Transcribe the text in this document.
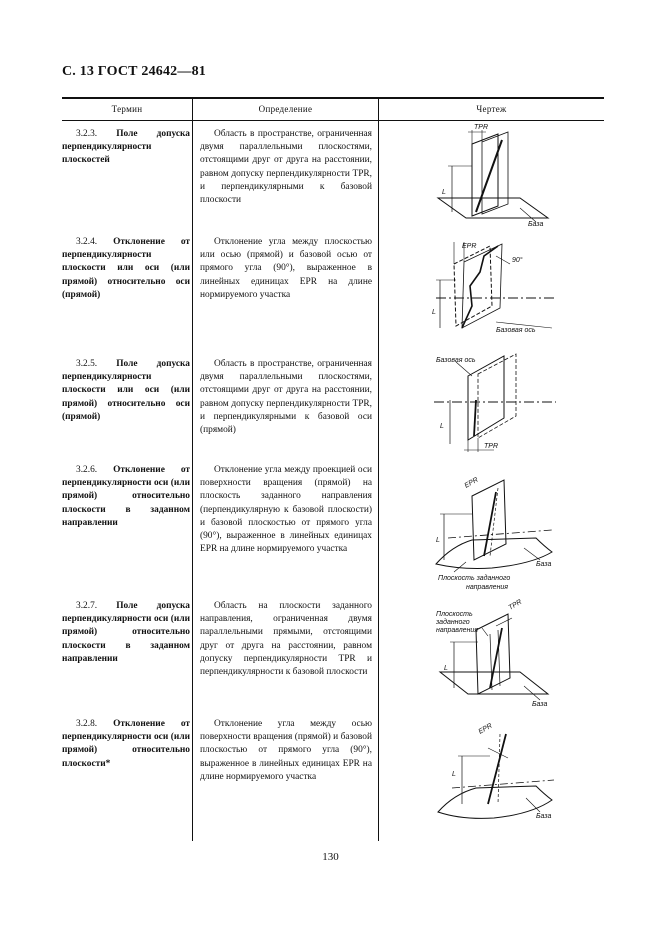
С. 13 ГОСТ 24642—81
Термин	Определение	Чертеж
3.2.3. Поле допуска перпендикулярности плоскостей
Область в пространстве, ограниченная двумя параллельными плоскостями, отстоящими друг от друга на расстоянии, равном допуску перпендикулярности TPR, и перпендикулярными к базовой плоскости
TPR
L
База
3.2.4. Отклонение от перпендикулярности плоскости или оси (или прямой) относительно оси (прямой)
Отклонение угла между плоскостью или осью (прямой) и базовой осью от прямого угла (90°), выраженное в линейных единицах EPR на длине нормируемого участка
EPR
90°
L
Базовая ось
3.2.5. Поле допуска перпендикулярности плоскости или оси (или прямой) относительно оси (прямой)
Область в пространстве, ограниченная двумя параллельными плоскостями, отстоящими друг от друга на расстоянии, равном допуску перпендикулярности TPR, и перпендикулярными к базовой оси (прямой)
Базовая ось
L
TPR
3.2.6. Отклонение от перпендикулярности оси (или прямой) относительно плоскости в заданном направлении
Отклонение угла между проекцией оси поверхности вращения (прямой) на плоскость заданного направления (перпендикулярную к базовой плоскости) и базовой плоскостью от прямого угла (90°), выраженное в линейных единицах EPR на длине нормируемого участка
EPR
L
База
Плоскость заданного
направления
3.2.7. Поле допуска перпендикулярности оси (или прямой) относительно плоскости в заданном направлении
Область на плоскости заданного направления, ограниченная двумя параллельными прямыми, отстоящими друг от друга на расстоянии, равном допуску перпендикулярности TPR и перпендикулярности к базовой плоскости
Плоскость
заданного
направления
TPR
L
База
3.2.8. Отклонение от перпендикулярности оси (или прямой) относительно плоскости*
Отклонение угла между осью поверхности вращения (прямой) и базовой плоскостью от прямого угла (90°), выраженное в линейных единицах EPR на длине нормируемого участка
EPR
L
База
130
